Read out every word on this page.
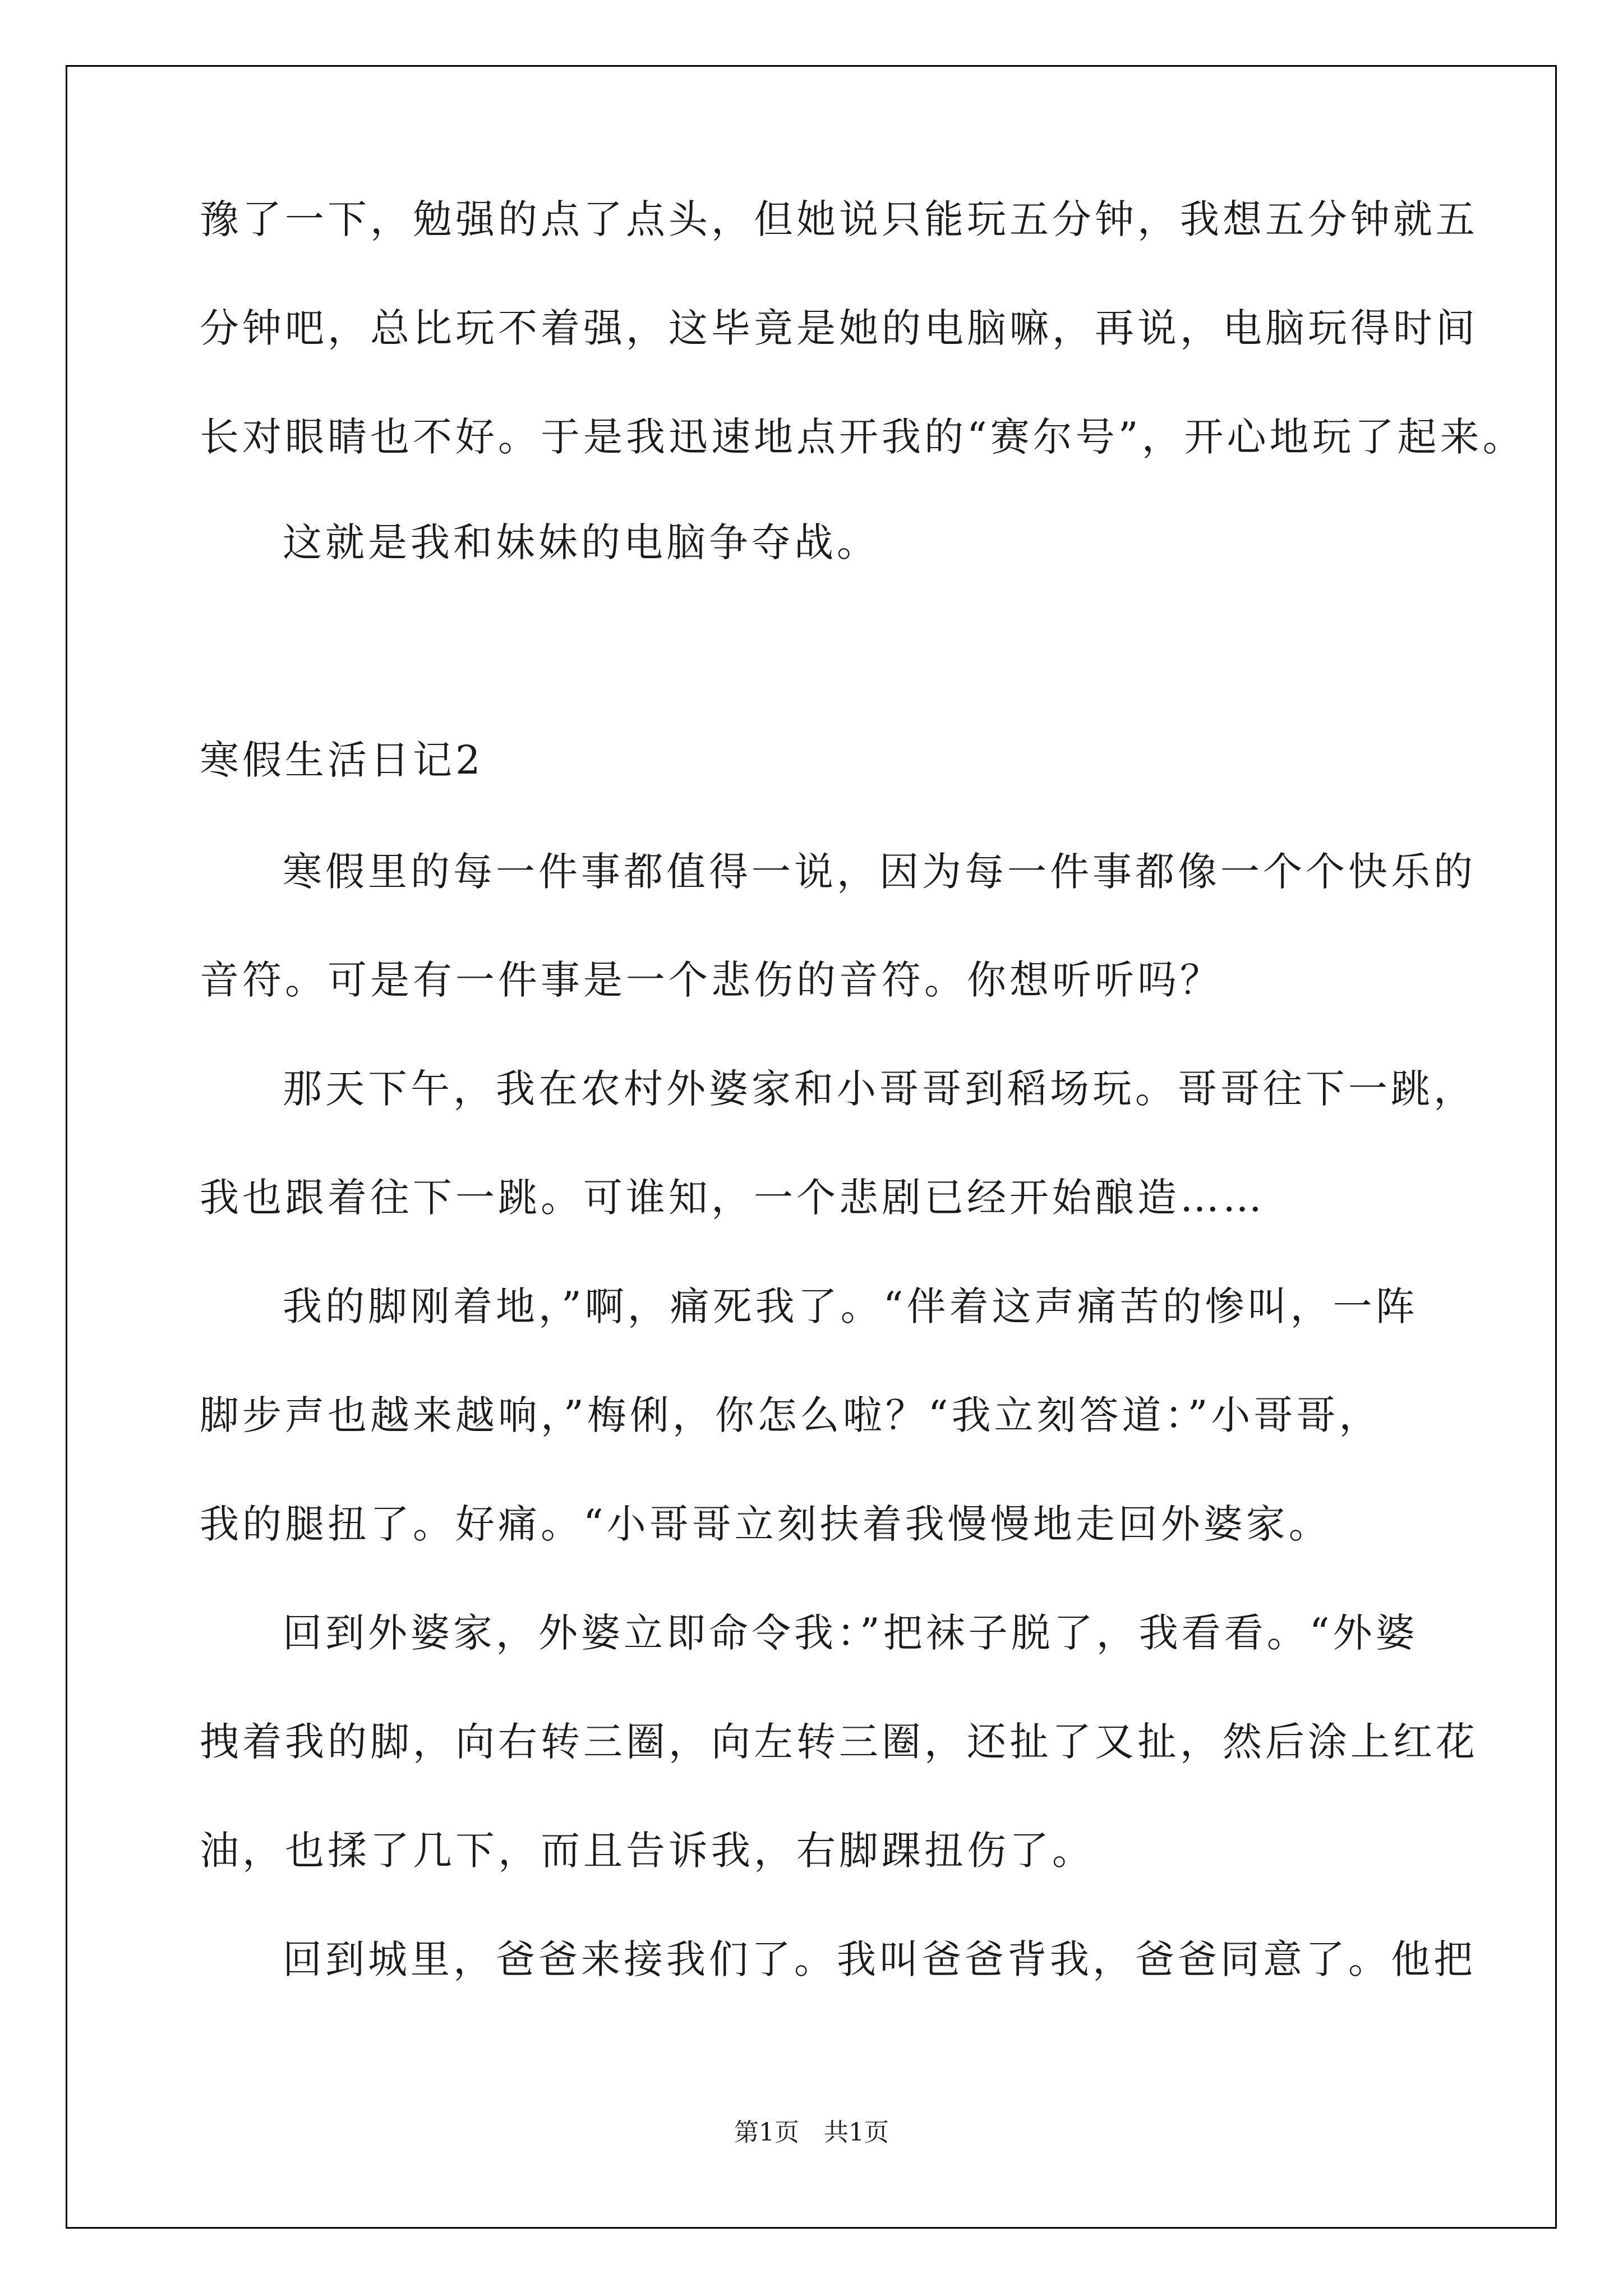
豫了一下，勉强的点了点头，但她说只能玩五分钟，我想五分钟就五
分钟吧，总比玩不着强，这毕竟是她的电脑嘛，再说，电脑玩得时间
长对眼睛也不好。于是我迅速地点开我的“赛尔号”，开心地玩了起来。
这就是我和妹妹的电脑争夺战。
寒假生活日记2
寒假里的每一件事都值得一说，因为每一件事都像一个个快乐的
音符。可是有一件事是一个悲伤的音符。你想听听吗？
那天下午，我在农村外婆家和小哥哥到稻场玩。哥哥往下一跳，
我也跟着往下一跳。可谁知，一个悲剧已经开始酿造……
我的脚刚着地，”啊，痛死我了。“伴着这声痛苦的惨叫，一阵
脚步声也越来越响，”梅俐，你怎么啦？“我立刻答道：”小哥哥，
我的腿扭了。好痛。“小哥哥立刻扶着我慢慢地走回外婆家。
回到外婆家，外婆立即命令我：”把袜子脱了，我看看。“外婆
拽着我的脚，向右转三圈，向左转三圈，还扯了又扯，然后涂上红花
油，也揉了几下，而且告诉我，右脚踝扭伤了。
回到城里，爸爸来接我们了。我叫爸爸背我，爸爸同意了。他把
第1页　共1页
